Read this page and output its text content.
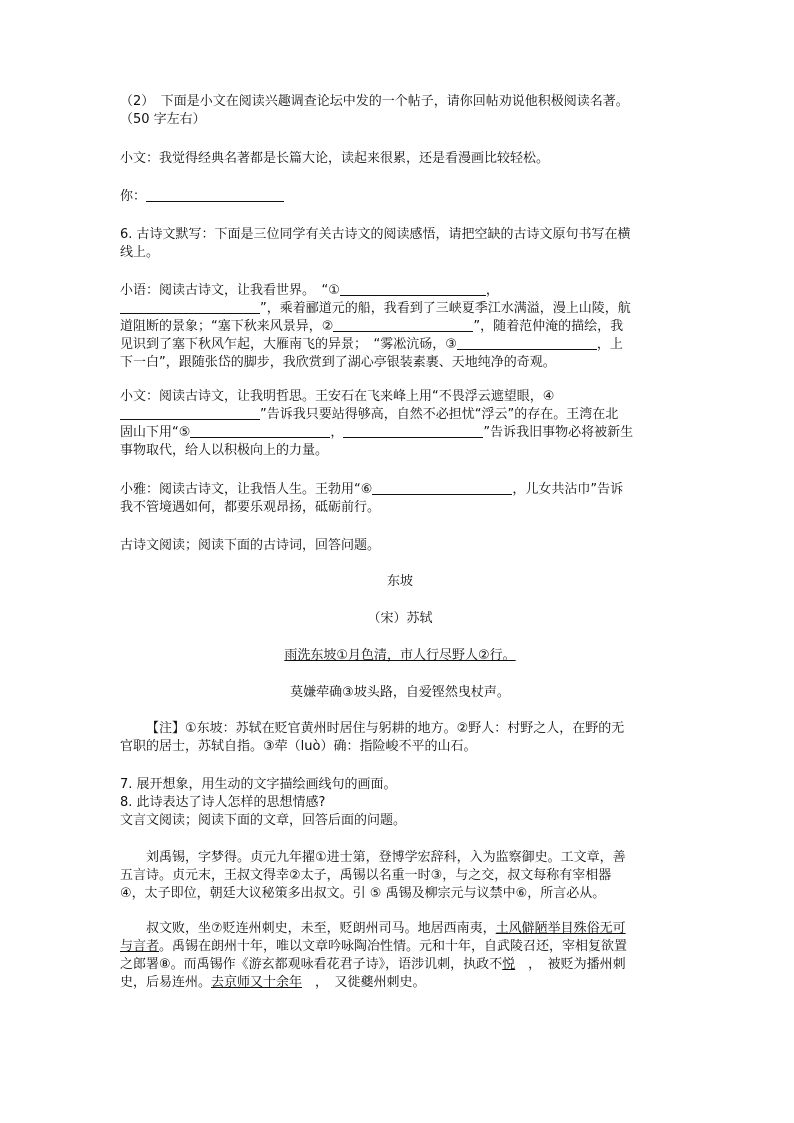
（2）　下面是小文在阅读兴趣调查论坛中发的一个帖子，请你回帖劝说他积极阅读名著。
（50 字左右）
小文：我觉得经典名著都是长篇大论，读起来很累，还是看漫画比较轻松。
你：
6. 古诗文默写：下面是三位同学有关古诗文的阅读感悟，请把空缺的古诗文原句书写在横
线上。
小语：阅读古诗文，让我看世界。　“①	，
”，乘着郦道元的船，我看到了三峡夏季江水满溢，漫上山陵，航
道阻断的景象；“塞下秋来风景异，②	”，随着范仲淹的描绘，我
见识到了塞下秋风乍起，大雁南飞的异景；　“雾凇沆砀，③	，上
下一白”，跟随张岱的脚步，我欣赏到了湖心亭银装素裹、天地纯净的奇观。
小文：阅读古诗文，让我明哲思。王安石在飞来峰上用“不畏浮云遮望眼，④
”告诉我只要站得够高，自然不必担忧“浮云”的存在。王湾在北
固山下用“⑤	，	”告诉我旧事物必将被新生
事物取代，给人以积极向上的力量。
小雅：阅读古诗文，让我悟人生。王勃用“⑥	，儿女共沾巾”告诉
我不管境遇如何，都要乐观昂扬，砥砺前行。
古诗文阅读；阅读下面的古诗词，回答问题。

东坡

（宋）苏轼

雨洗东坡①月色清，市人行尽野人②行。

莫嫌荦确③坡头路，自爱铿然曳杖声。

【注】①东坡：苏轼在贬官黄州时居住与躬耕的地方。②野人：村野之人，在野的无
官职的居士，苏轼自指。③荦（luò）确：指险峻不平的山石。
7. 展开想象，用生动的文字描绘画线句的画面。
8. 此诗表达了诗人怎样的思想情感?
文言文阅读；阅读下面的文章，回答后面的问题。
刘禹锡，字梦得。贞元九年擢①进士第，登博学宏辞科，入为监察御史。工文章，善
五言诗。贞元末，王叔文得幸②太子，禹锡以名重一时③，与之交，叔文每称有宰相器
④，太子即位，朝廷大议秘策多出叔文。引 ⑤ 禹锡及柳宗元与议禁中⑥，所言必从。
叔文败，坐⑦贬连州刺史，未至，贬朗州司马。地居西南夷，土风僻陋举目殊俗无可
与言者。禹锡在朗州十年，唯以文章吟咏陶冶性情。元和十年，自武陵召还，宰相复欲置
之郎署⑧。而禹锡作《游玄都观咏看花君子诗》，语涉讥刺，执政不悦　，　被贬为播州刺
史，后易连州。去京师又十余年　，　又徙夔州刺史。
